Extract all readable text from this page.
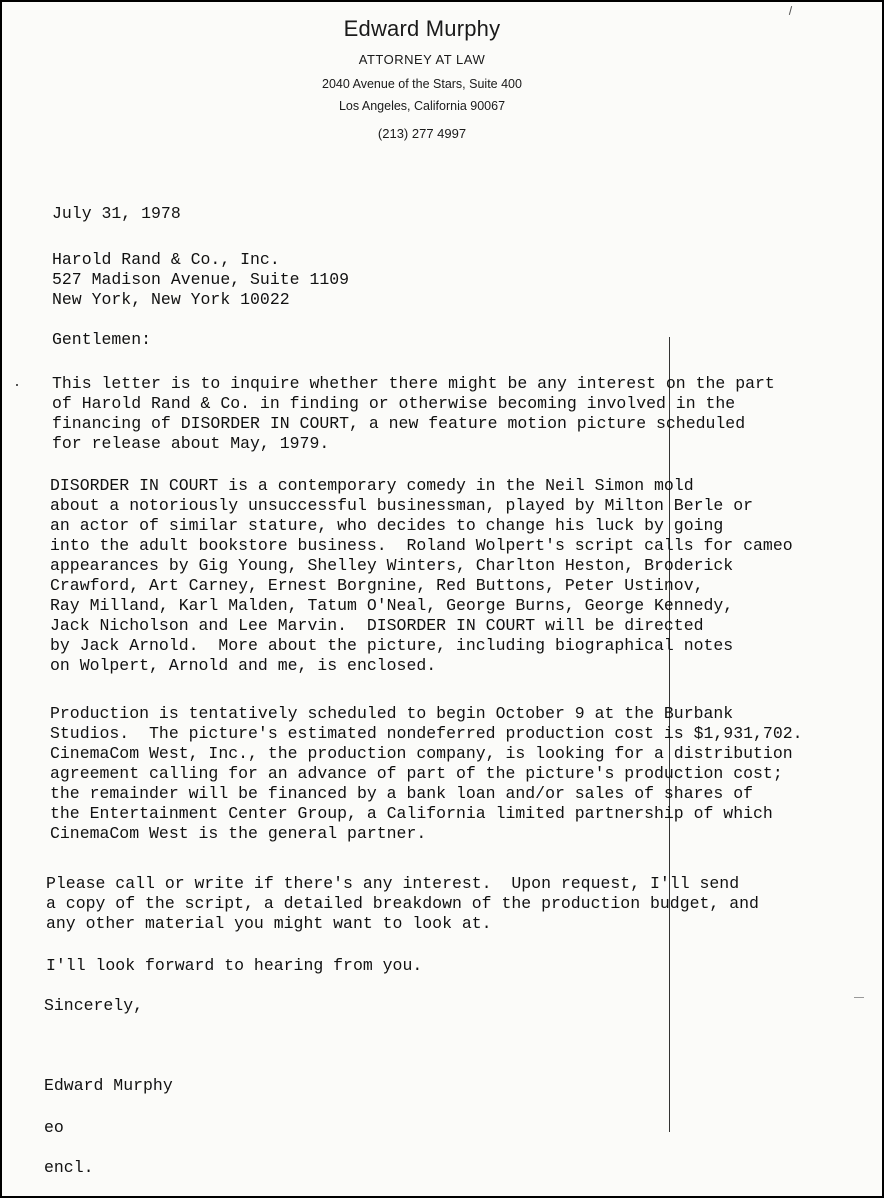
Edward Murphy
ATTORNEY AT LAW
2040 Avenue of the Stars, Suite 400
Los Angeles, California 90067
(213) 277 4997
July 31, 1978
Harold Rand & Co., Inc.
527 Madison Avenue, Suite 1109
New York, New York 10022
Gentlemen:
This letter is to inquire whether there might be any interest on the part
of Harold Rand & Co. in finding or otherwise becoming involved in the
financing of DISORDER IN COURT, a new feature motion picture scheduled
for release about May, 1979.
DISORDER IN COURT is a contemporary comedy in the Neil Simon mold
about a notoriously unsuccessful businessman, played by Milton Berle or
an actor of similar stature, who decides to change his luck by going
into the adult bookstore business.  Roland Wolpert's script calls for cameo
appearances by Gig Young, Shelley Winters, Charlton Heston, Broderick
Crawford, Art Carney, Ernest Borgnine, Red Buttons, Peter Ustinov,
Ray Milland, Karl Malden, Tatum O'Neal, George Burns, George Kennedy,
Jack Nicholson and Lee Marvin.  DISORDER IN COURT will be directed
by Jack Arnold.  More about the picture, including biographical notes
on Wolpert, Arnold and me, is enclosed.
Production is tentatively scheduled to begin October 9 at the Burbank
Studios.  The picture's estimated nondeferred production cost is $1,931,702.
CinemaCom West, Inc., the production company, is looking for a distribution
agreement calling for an advance of part of the picture's production cost;
the remainder will be financed by a bank loan and/or sales of shares of
the Entertainment Center Group, a California limited partnership of which
CinemaCom West is the general partner.
Please call or write if there's any interest.  Upon request, I'll send
a copy of the script, a detailed breakdown of the production budget, and
any other material you might want to look at.
I'll look forward to hearing from you.
Sincerely,
Edward Murphy
eo
encl.
